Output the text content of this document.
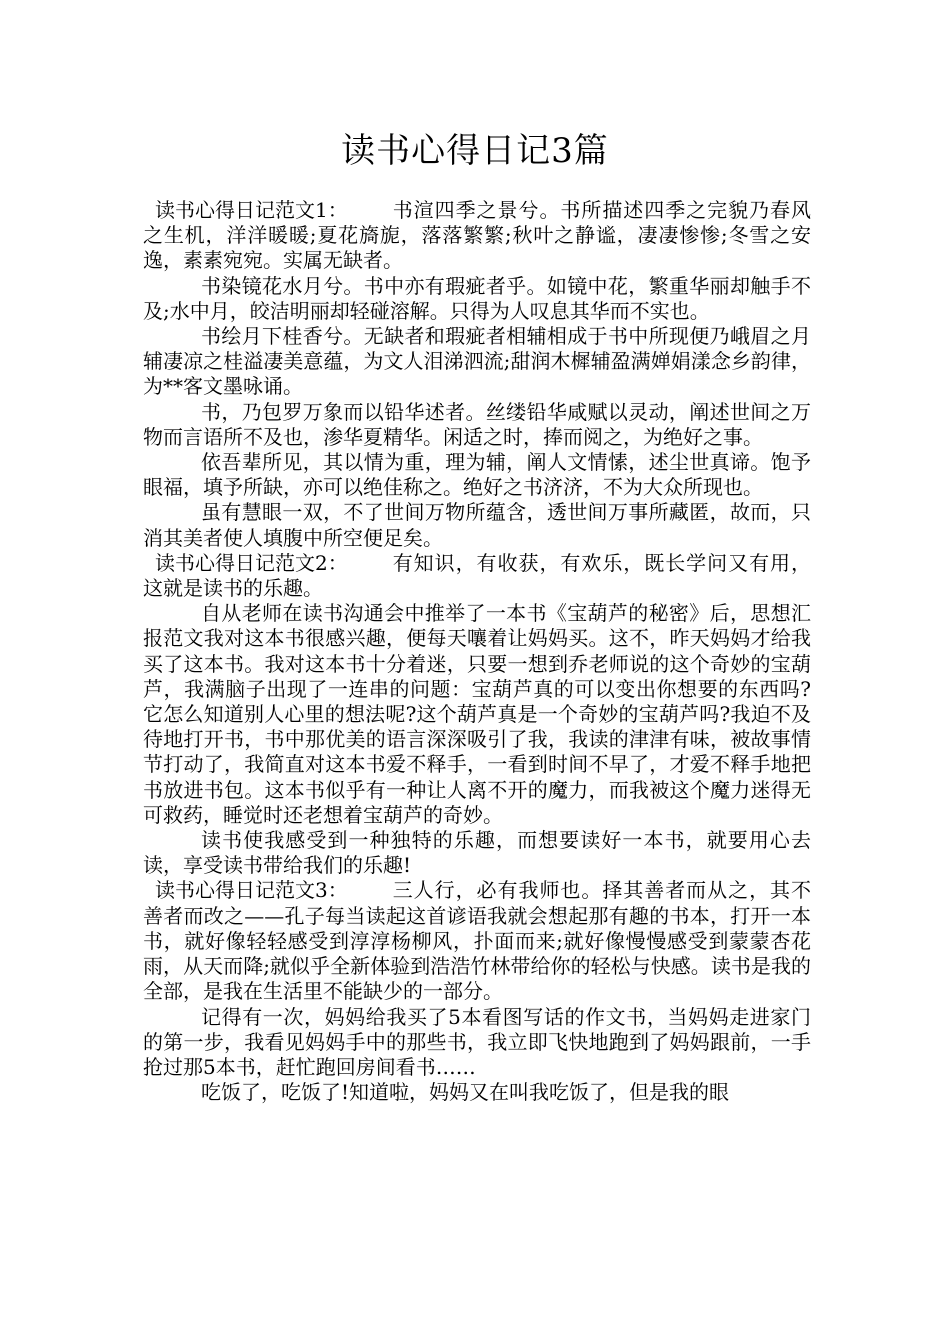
读书心得日记3篇

读书心得日记范文1： 书渲四季之景兮。书所描述四季之完貌乃春风之生机，洋洋暖暖;夏花旖旎，落落繁繁;秋叶之静谧，凄凄惨惨;冬雪之安逸，素素宛宛。实属无缺者。

书染镜花水月兮。书中亦有瑕疵者乎。如镜中花，繁重华丽却触手不及;水中月，皎洁明丽却轻碰溶解。只得为人叹息其华而不实也。

书绘月下桂香兮。无缺者和瑕疵者相辅相成于书中所现便乃峨眉之月辅凄凉之桂溢凄美意蕴，为文人泪涕泗流;甜润木樨辅盈满婵娟漾念乡韵律，为**客文墨咏诵。

书，乃包罗万象而以铅华述者。丝缕铅华咸赋以灵动，阐述世间之万物而言语所不及也，渗华夏精华。闲适之时，捧而阅之，为绝好之事。

依吾辈所见，其以情为重，理为辅，阐人文情愫，述尘世真谛。饱予眼福，填予所缺，亦可以绝佳称之。绝好之书济济，不为大众所现也。

虽有慧眼一双，不了世间万物所蕴含，透世间万事所藏匿，故而，只消其美者使人填腹中所空便足矣。

读书心得日记范文2： 有知识，有收获，有欢乐，既长学问又有用，这就是读书的乐趣。

自从老师在读书沟通会中推举了一本书《宝葫芦的秘密》后，思想汇报范文我对这本书很感兴趣，便每天嚷着让妈妈买。这不，昨天妈妈才给我买了这本书。我对这本书十分着迷，只要一想到乔老师说的这个奇妙的宝葫芦，我满脑子出现了一连串的问题：宝葫芦真的可以变出你想要的东西吗?它怎么知道别人心里的想法呢?这个葫芦真是一个奇妙的宝葫芦吗?我迫不及待地打开书，书中那优美的语言深深吸引了我，我读的津津有味，被故事情节打动了，我简直对这本书爱不释手，一看到时间不早了，才爱不释手地把书放进书包。这本书似乎有一种让人离不开的魔力，而我被这个魔力迷得无可救药，睡觉时还老想着宝葫芦的奇妙。

读书使我感受到一种独特的乐趣，而想要读好一本书，就要用心去读，享受读书带给我们的乐趣!

读书心得日记范文3： 三人行，必有我师也。择其善者而从之，其不善者而改之——孔子每当读起这首谚语我就会想起那有趣的书本，打开一本书，就好像轻轻感受到淳淳杨柳风，扑面而来;就好像慢慢感受到蒙蒙杏花雨，从天而降;就似乎全新体验到浩浩竹林带给你的轻松与快感。读书是我的全部，是我在生活里不能缺少的一部分。

记得有一次，妈妈给我买了5本看图写话的作文书，当妈妈走进家门的第一步，我看见妈妈手中的那些书，我立即飞快地跑到了妈妈跟前，一手抢过那5本书，赶忙跑回房间看书……

吃饭了，吃饭了!知道啦，妈妈又在叫我吃饭了，但是我的眼
